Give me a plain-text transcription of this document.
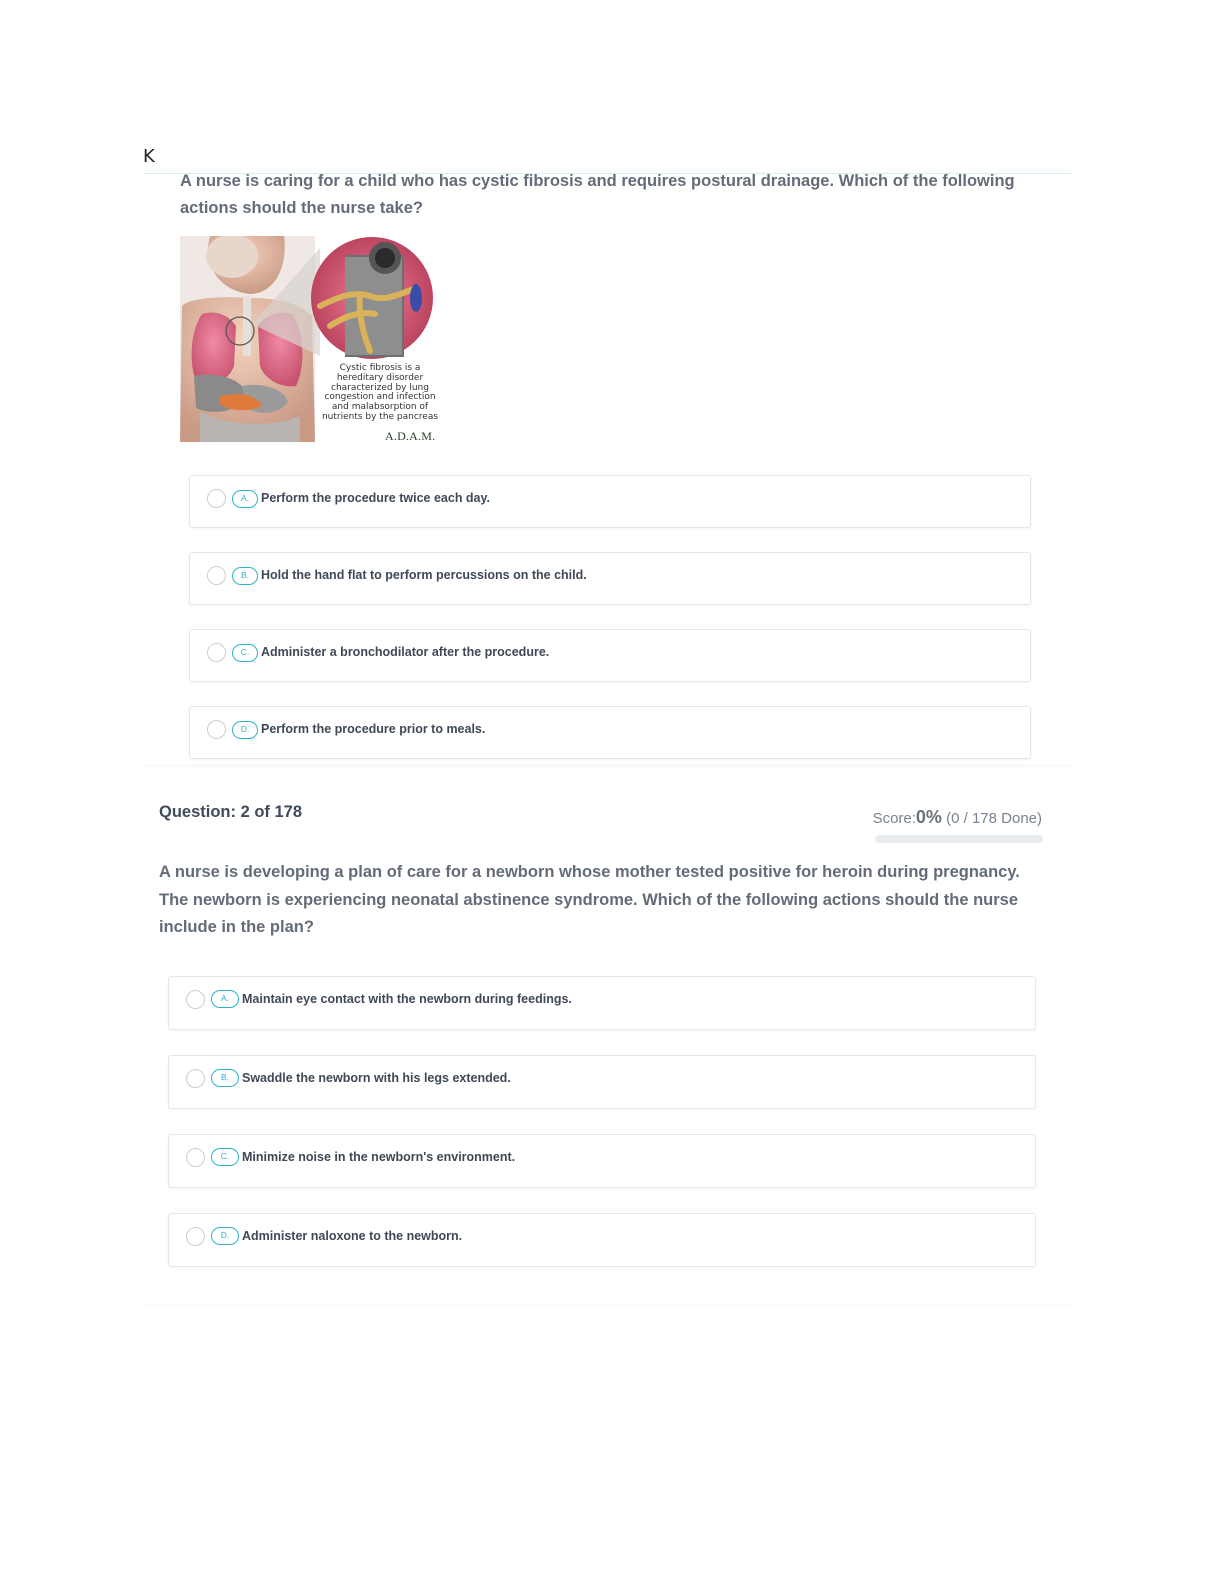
K
A nurse is caring for a child who has cystic fibrosis and requires postural drainage. Which of the following actions should the nurse take?
Cystic fibrosis is a hereditary disorder characterized by lung congestion and infection and malabsorption of nutrients by the pancreas
A.D.A.M.
A. Perform the procedure twice each day.
B. Hold the hand flat to perform percussions on the child.
C. Administer a bronchodilator after the procedure.
D. Perform the procedure prior to meals.
Question: 2 of 178	Score:0% (0 / 178 Done)
A nurse is developing a plan of care for a newborn whose mother tested positive for heroin during pregnancy. The newborn is experiencing neonatal abstinence syndrome. Which of the following actions should the nurse include in the plan?
A.	Maintain eye contact with the newborn during feedings.
B.	Swaddle the newborn with his legs extended.
C.	Minimize noise in the newborn's environment.
D.	Administer naloxone to the newborn.
